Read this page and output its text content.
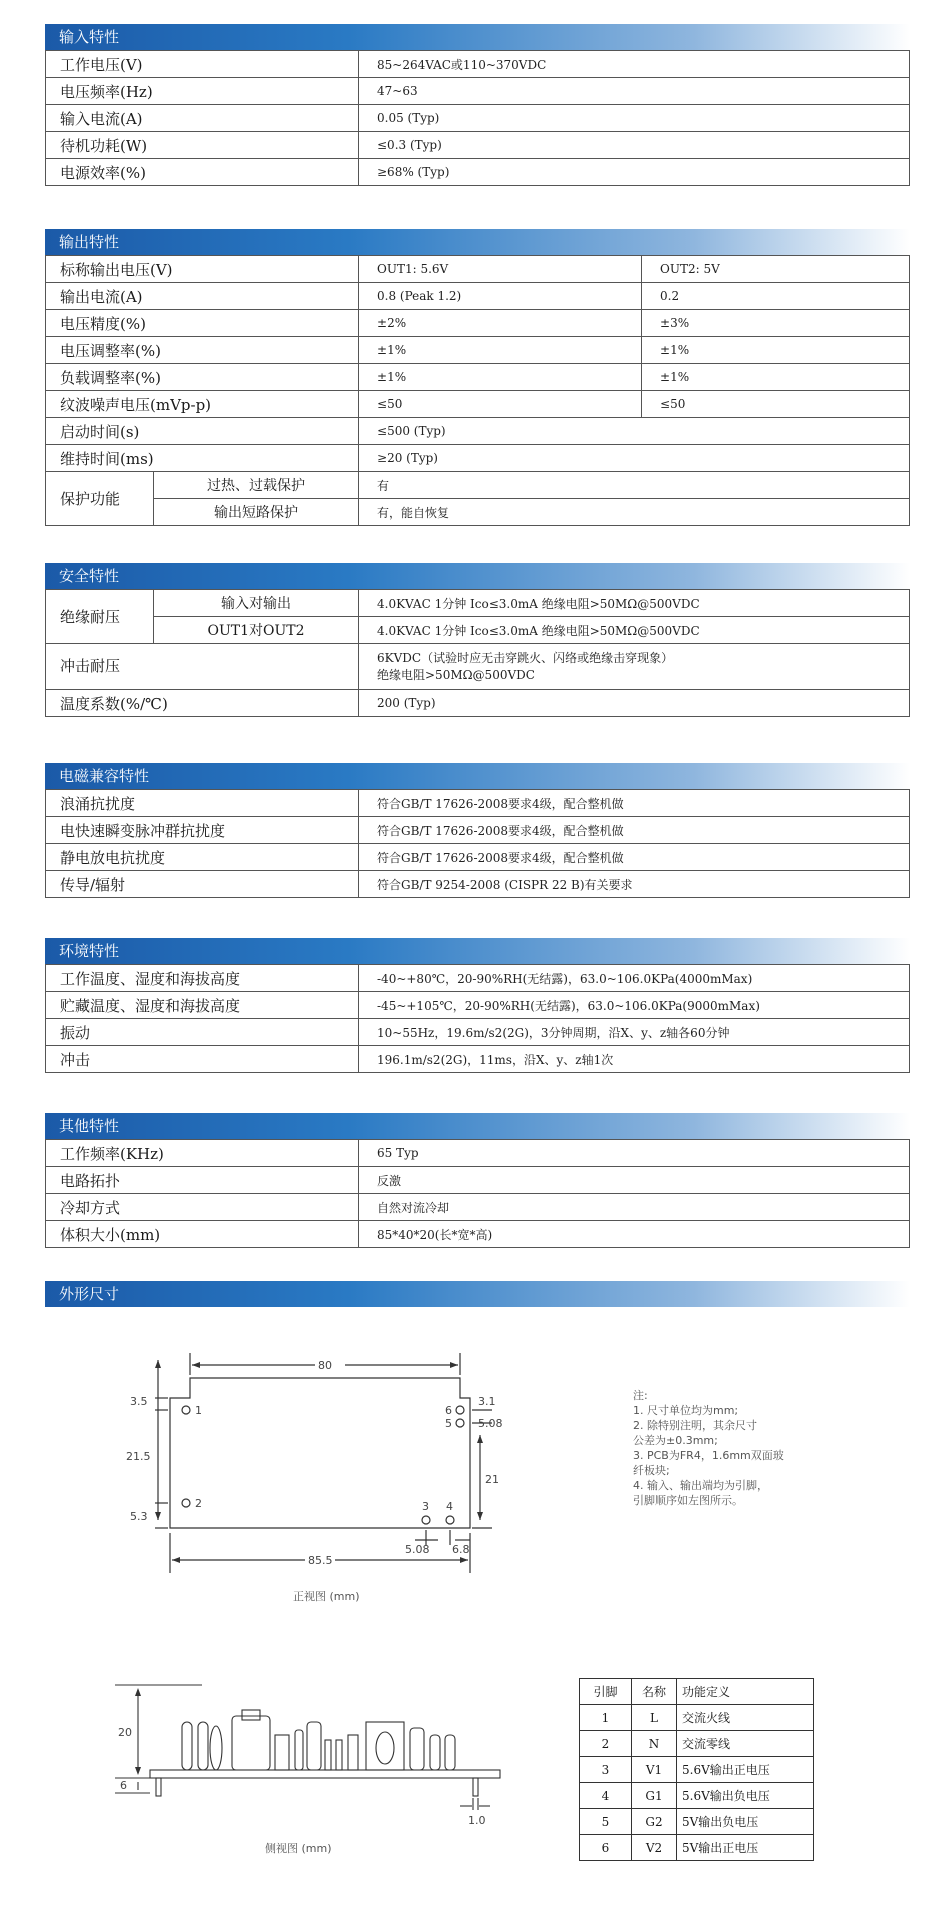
输入特性
工作电压(V)	85~264VAC或110~370VDC
电压频率(Hz)	47~63
输入电流(A)	0.05 (Typ)
待机功耗(W)	≤0.3 (Typ)
电源效率(%)	≥68% (Typ)
输出特性
标称输出电压(V)		OUT1: 5.6V	OUT2: 5V
输出电流(A)		0.8 (Peak 1.2)	0.2
电压精度(%)		±2%	±3%
电压调整率(%)		±1%	±1%
负载调整率(%)		±1%	±1%
纹波噪声电压(mVp-p)		≤50	≤50
启动时间(s)		≤500 (Typ)	
维持时间(ms)		≥20 (Typ)	
保护功能	过热、过载保护	有	
	输出短路保护	有，能自恢复	
安全特性
绝缘耐压	输入对输出	4.0KVAC 1分钟 Ico≤3.0mA 绝缘电阻>50MΩ@500VDC
	OUT1对OUT2	4.0KVAC 1分钟 Ico≤3.0mA 绝缘电阻>50MΩ@500VDC
冲击耐压		6KVDC（试验时应无击穿跳火、闪络或绝缘击穿现象）
绝缘电阻>50MΩ@500VDC

温度系数(%/℃)		200 (Typ)
电磁兼容特性
浪涌抗扰度	符合GB/T 17626-2008要求4级，配合整机做
电快速瞬变脉冲群抗扰度	符合GB/T 17626-2008要求4级，配合整机做
静电放电抗扰度	符合GB/T 17626-2008要求4级，配合整机做
传导/辐射	符合GB/T 9254-2008 (CISPR 22 B)有关要求
环境特性
工作温度、湿度和海拔高度	-40~+80℃，20-90%RH(无结露)，63.0~106.0KPa(4000mMax)
贮藏温度、湿度和海拔高度	-45~+105℃，20-90%RH(无结露)，63.0~106.0KPa(9000mMax)
振动	10~55Hz，19.6m/s2(2G)，3分钟周期，沿X、y、z轴各60分钟
冲击	196.1m/s2(2G)，11ms，沿X、y、z轴1次
其他特性
工作频率(KHz)	65 Typ
电路拓扑	反激
冷却方式	自然对流冷却
体积大小(mm)	85*40*20(长*宽*高)
外形尺寸
80
3.5
21.5
5.3
85.5
3.1
5.08
21
5.08 6.8
1
2	3 4
5
6
正视图 (mm)
注:
1. 尺寸单位均为mm;
2. 除特别注明，其余尺寸
公差为±0.3mm;
3. PCB为FR4，1.6mm双面玻
纤板块;
4. 输入、输出端均为引脚，
引脚顺序如左图所示。
20
6
1.0
侧视图 (mm)
引脚	名称	功能定义
1	L	交流火线
2	N	交流零线
3	V1	5.6V输出正电压
4	G1	5.6V输出负电压
5	G2	5V输出负电压
6	V2	5V输出正电压
